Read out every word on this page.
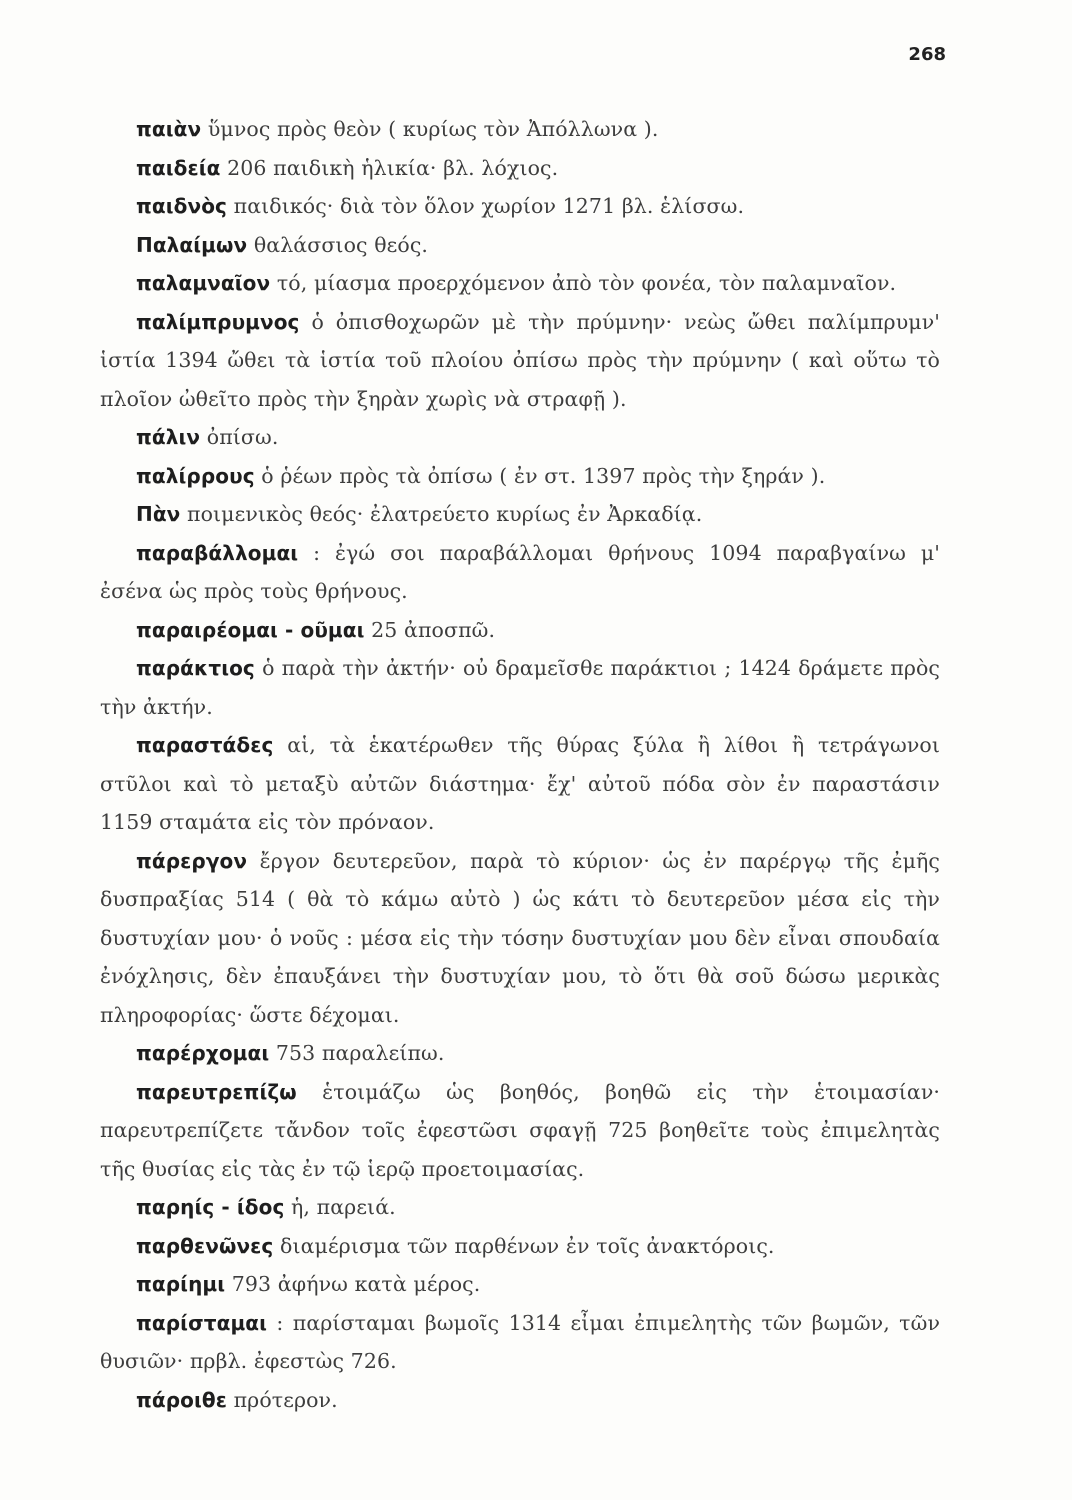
268

παιὰν ὕμνος πρὸς θεὸν ( κυρίως τὸν Ἀπόλλωνα ).

παιδεία 206 παιδικὴ ἡλικία· βλ. λόχιος.

παιδνὸς παιδικός· διὰ τὸν ὅλον χωρίον 1271 βλ. ἑλίσσω.

Παλαίμων θαλάσσιος θεός.

παλαμναῖον τό, μίασμα προερχόμενον ἀπὸ τὸν φονέα, τὸν παλαμναῖον.

παλίμπρυμνος ὁ ὀπισθοχωρῶν μὲ τὴν πρύμνην· νεὼς ὤθει παλίμπρυμν' ἱστία 1394 ὤθει τὰ ἱστία τοῦ πλοίου ὀπίσω πρὸς τὴν πρύμνην ( καὶ οὕτω τὸ πλοῖον ὠθεῖτο πρὸς τὴν ξηρὰν χωρὶς νὰ στραφῇ ).

πάλιν ὀπίσω.

παλίρρους ὁ ῥέων πρὸς τὰ ὀπίσω ( ἐν στ. 1397 πρὸς τὴν ξηράν ).

Πὰν ποιμενικὸς θεός· ἐλατρεύετο κυρίως ἐν Ἀρκαδίᾳ.

παραβάλλομαι : ἐγώ σοι παραβάλλομαι θρήνους 1094 παραβγαίνω μ' ἐσένα ὡς πρὸς τοὺς θρήνους.

παραιρέομαι - οῦμαι 25 ἀποσπῶ.

παράκτιος ὁ παρὰ τὴν ἀκτήν· οὐ δραμεῖσθε παράκτιοι ; 1424 δράμετε πρὸς τὴν ἀκτήν.

παραστάδες αἱ, τὰ ἑκατέρωθεν τῆς θύρας ξύλα ἢ λίθοι ἢ τετράγωνοι στῦλοι καὶ τὸ μεταξὺ αὐτῶν διάστημα· ἔχ' αὐτοῦ πόδα σὸν ἐν παραστάσιν 1159 σταμάτα εἰς τὸν πρόναον.

πάρεργον ἔργον δευτερεῦον, παρὰ τὸ κύριον· ὡς ἐν παρέργῳ τῆς ἐμῆς δυσπραξίας 514 ( θὰ τὸ κάμω αὐτὸ ) ὡς κάτι τὸ δευτερεῦον μέσα εἰς τὴν δυστυχίαν μου· ὁ νοῦς : μέσα εἰς τὴν τόσην δυστυχίαν μου δὲν εἶναι σπουδαία ἐνόχλησις, δὲν ἐπαυξάνει τὴν δυστυχίαν μου, τὸ ὅτι θὰ σοῦ δώσω μερικὰς πληροφορίας· ὥστε δέχομαι.

παρέρχομαι 753 παραλείπω.

παρευτρεπίζω ἑτοιμάζω ὡς βοηθός, βοηθῶ εἰς τὴν ἑτοιμασίαν· παρευτρεπίζετε τἄνδον τοῖς ἐφεστῶσι σφαγῇ 725 βοηθεῖτε τοὺς ἐπιμελητὰς τῆς θυσίας εἰς τὰς ἐν τῷ ἱερῷ προετοιμασίας.

παρηίς - ίδος ἡ, παρειά.

παρθενῶνες διαμέρισμα τῶν παρθένων ἐν τοῖς ἀνακτόροις.

παρίημι 793 ἀφήνω κατὰ μέρος.

παρίσταμαι : παρίσταμαι βωμοῖς 1314 εἶμαι ἐπιμελητὴς τῶν βωμῶν, τῶν θυσιῶν· πρβλ. ἐφεστὼς 726.

πάροιθε πρότερον.
